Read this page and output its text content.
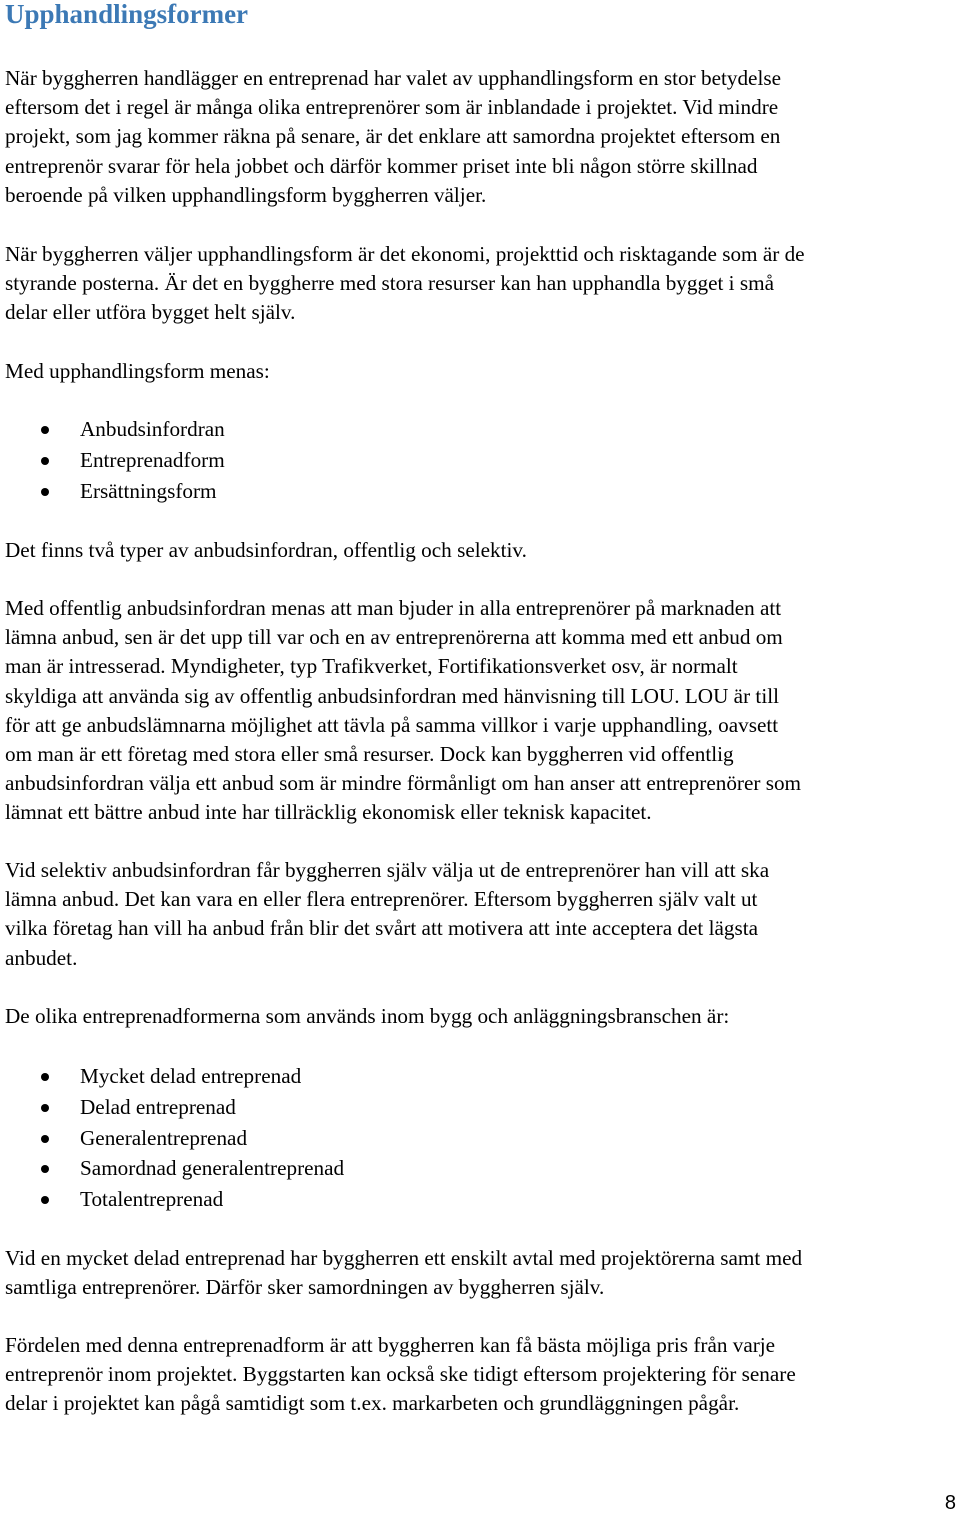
Upphandlingsformer

När byggherren handlägger en entreprenad har valet av upphandlingsform en stor betydelse
eftersom det i regel är många olika entreprenörer som är inblandade i projektet. Vid mindre
projekt, som jag kommer räkna på senare, är det enklare att samordna projektet eftersom en
entreprenör svarar för hela jobbet och därför kommer priset inte bli någon större skillnad
beroende på vilken upphandlingsform byggherren väljer.

När byggherren väljer upphandlingsform är det ekonomi, projekttid och risktagande som är de
styrande posterna. Är det en byggherre med stora resurser kan han upphandla bygget i små
delar eller utföra bygget helt själv.

Med upphandlingsform menas:

Anbudsinfordran
Entreprenadform
Ersättningsform

Det finns två typer av anbudsinfordran, offentlig och selektiv.

Med offentlig anbudsinfordran menas att man bjuder in alla entreprenörer på marknaden att
lämna anbud, sen är det upp till var och en av entreprenörerna att komma med ett anbud om
man är intresserad. Myndigheter, typ Trafikverket, Fortifikationsverket osv, är normalt
skyldiga att använda sig av offentlig anbudsinfordran med hänvisning till LOU. LOU är till
för att ge anbudslämnarna möjlighet att tävla på samma villkor i varje upphandling, oavsett
om man är ett företag med stora eller små resurser. Dock kan byggherren vid offentlig
anbudsinfordran välja ett anbud som är mindre förmånligt om han anser att entreprenörer som
lämnat ett bättre anbud inte har tillräcklig ekonomisk eller teknisk kapacitet.

Vid selektiv anbudsinfordran får byggherren själv välja ut de entreprenörer han vill att ska
lämna anbud. Det kan vara en eller flera entreprenörer. Eftersom byggherren själv valt ut
vilka företag han vill ha anbud från blir det svårt att motivera att inte acceptera det lägsta
anbudet.

De olika entreprenadformerna som används inom bygg och anläggningsbranschen är:

Mycket delad entreprenad
Delad entreprenad
Generalentreprenad
Samordnad generalentreprenad
Totalentreprenad

Vid en mycket delad entreprenad har byggherren ett enskilt avtal med projektörerna samt med
samtliga entreprenörer. Därför sker samordningen av byggherren själv.

Fördelen med denna entreprenadform är att byggherren kan få bästa möjliga pris från varje
entreprenör inom projektet. Byggstarten kan också ske tidigt eftersom projektering för senare
delar i projektet kan pågå samtidigt som t.ex. markarbeten och grundläggningen pågår.

8
